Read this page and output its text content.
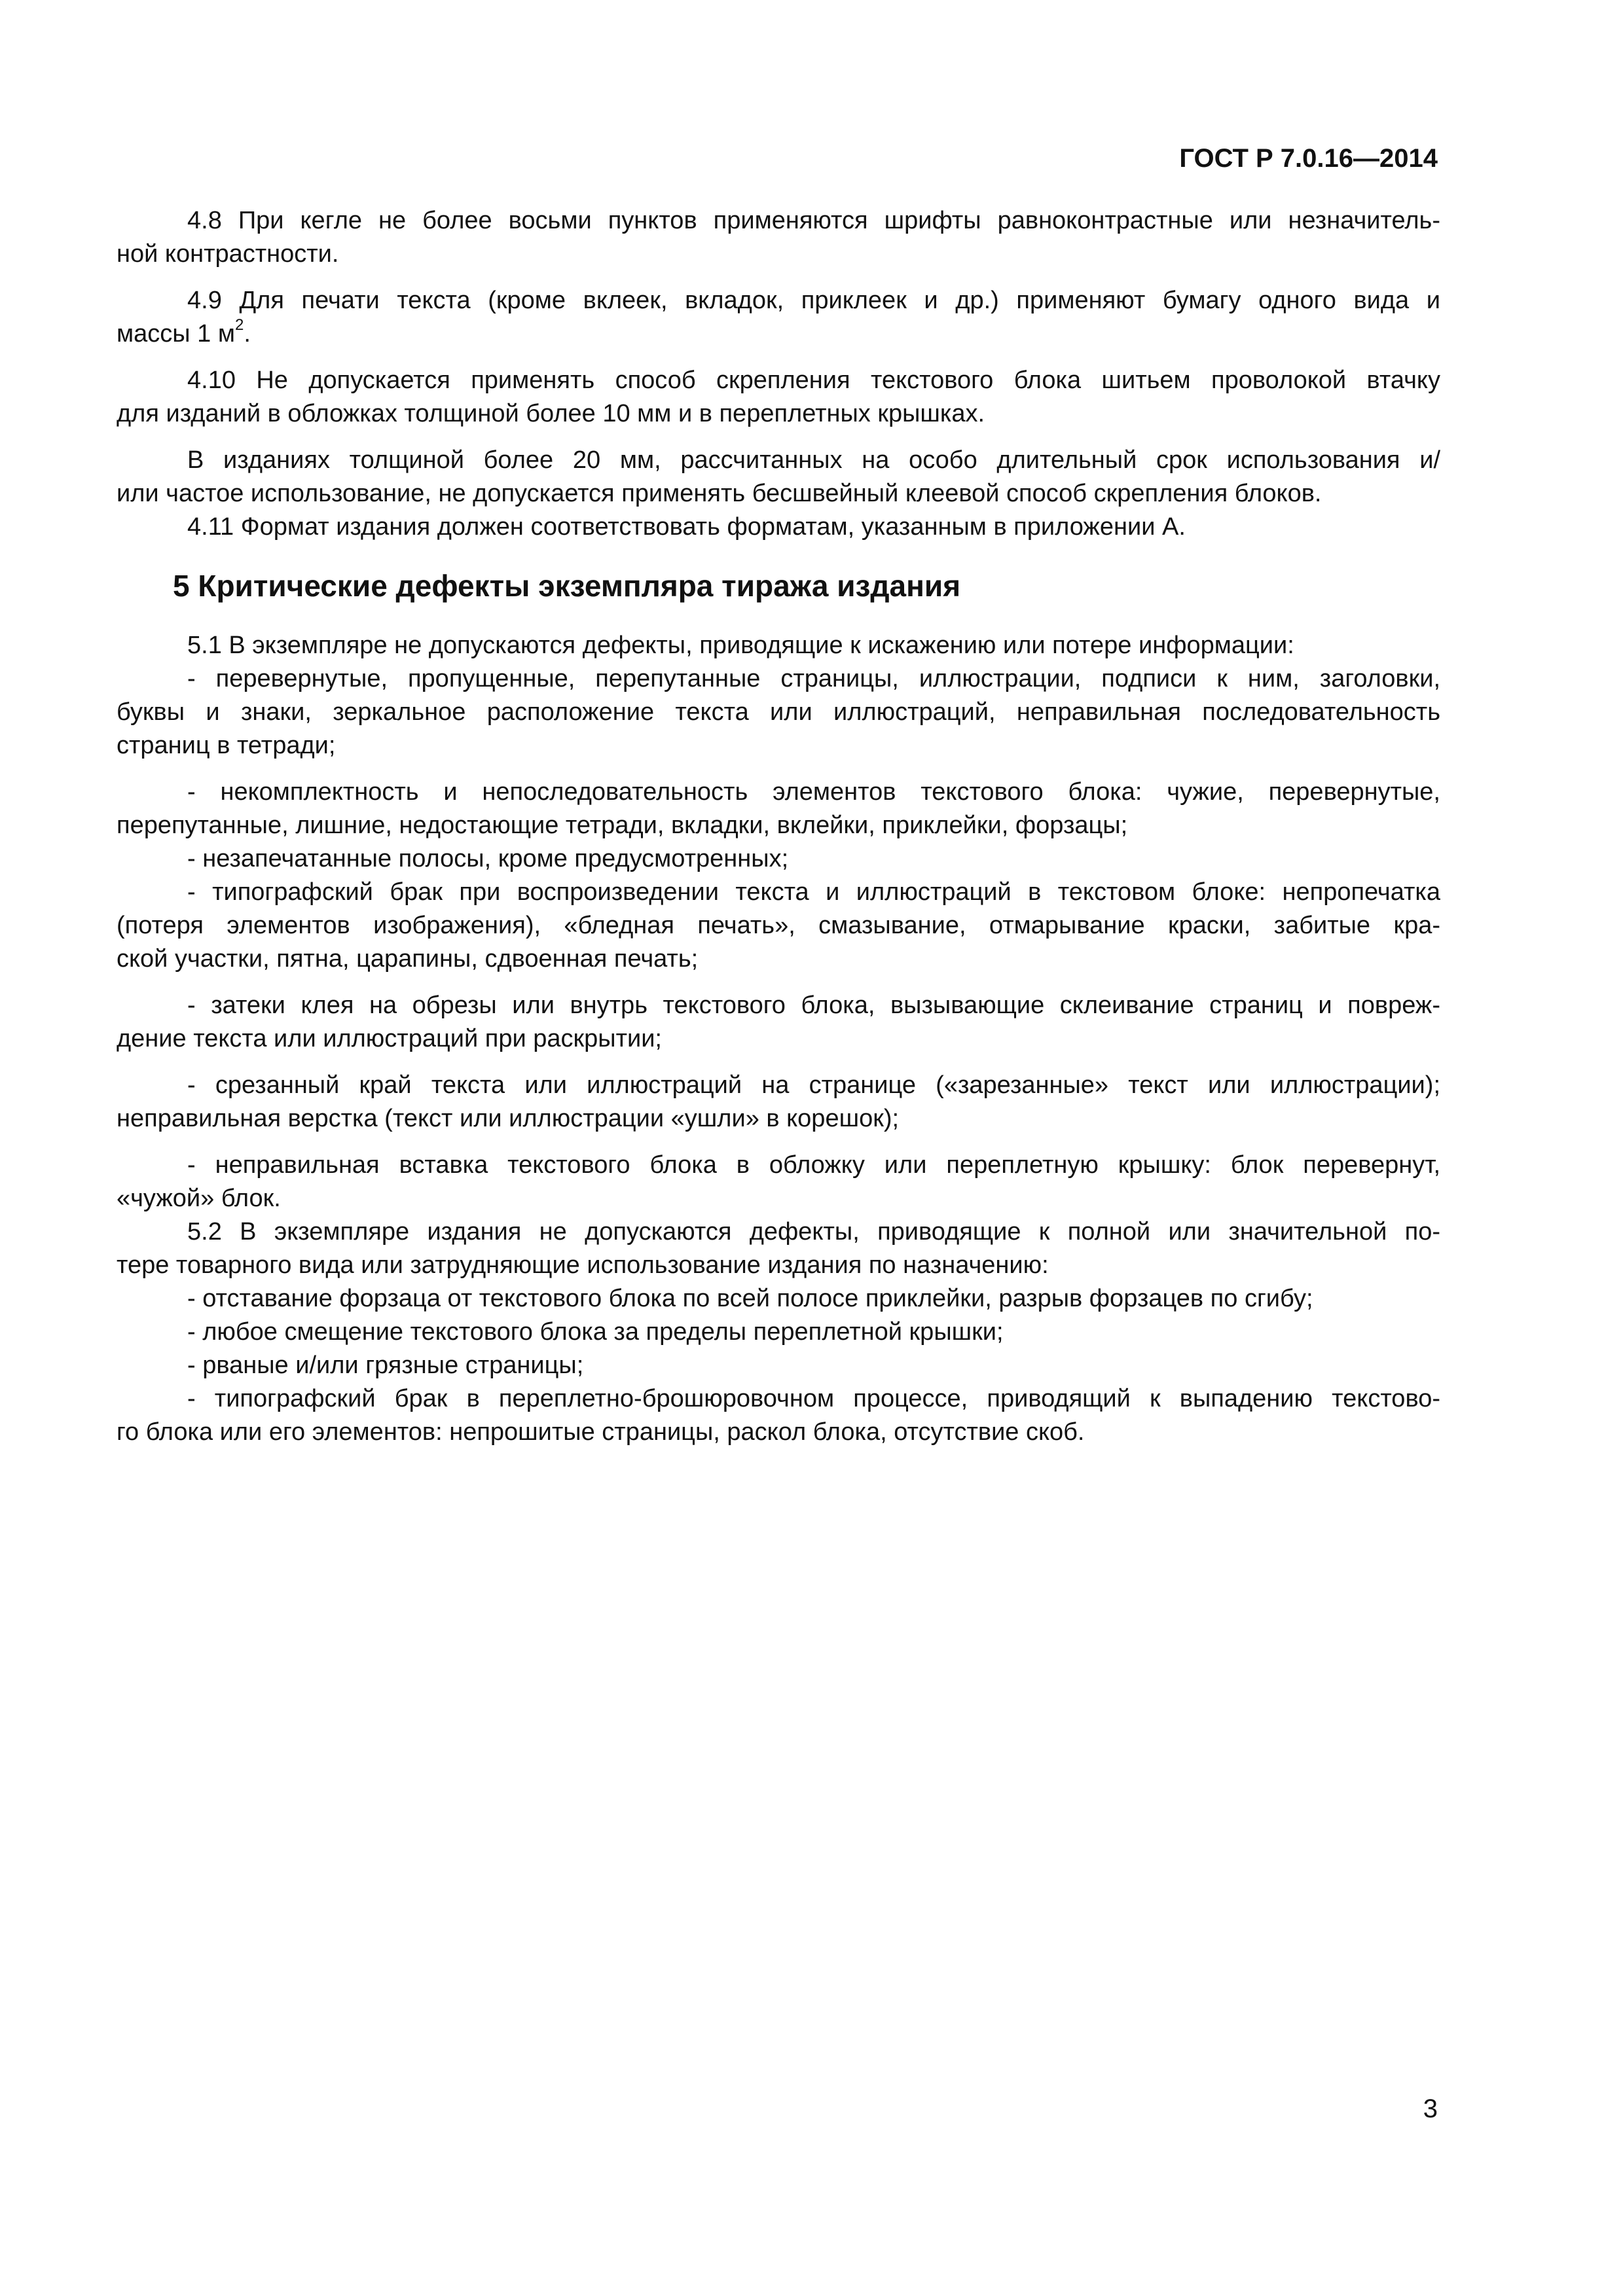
ГОСТ Р 7.0.16—2014
4.8 При кегле не более восьми пунктов применяются шрифты равноконтрастные или незначитель-
ной контрастности.
4.9 Для печати текста (кроме вклеек, вкладок, приклеек и др.) применяют бумагу одного вида и
массы 1 $м^2$.
4.10 Не допускается применять способ скрепления текстового блока шитьем проволокой втачку
для изданий в обложках толщиной более 10 мм и в переплетных крышках.
В изданиях толщиной более 20 мм, рассчитанных на особо длительный срок использования и/
или частое использование, не допускается применять бесшвейный клеевой способ скрепления блоков.
4.11 Формат издания должен соответствовать форматам, указанным в приложении А.
5 Критические дефекты экземпляра тиража издания
5.1 В экземпляре не допускаются дефекты, приводящие к искажению или потере информации:
- перевернутые, пропущенные, перепутанные страницы, иллюстрации, подписи к ним, заголовки,
буквы и знаки, зеркальное расположение текста или иллюстраций, неправильная последовательность
страниц в тетради;
- некомплектность и непоследовательность элементов текстового блока: чужие, перевернутые,
перепутанные, лишние, недостающие тетради, вкладки, вклейки, приклейки, форзацы;
- незапечатанные полосы, кроме предусмотренных;
- типографский брак при воспроизведении текста и иллюстраций в текстовом блоке: непропечатка
(потеря элементов изображения), «бледная печать», смазывание, отмарывание краски, забитые кра-
ской участки, пятна, царапины, сдвоенная печать;
- затеки клея на обрезы или внутрь текстового блока, вызывающие склеивание страниц и повреж-
дение текста или иллюстраций при раскрытии;
- срезанный край текста или иллюстраций на странице («зарезанные» текст или иллюстрации);
неправильная верстка (текст или иллюстрации «ушли» в корешок);
- неправильная вставка текстового блока в обложку или переплетную крышку: блок перевернут,
«чужой» блок.
5.2 В экземпляре издания не допускаются дефекты, приводящие к полной или значительной по-
тере товарного вида или затрудняющие использование издания по назначению:
- отставание форзаца от текстового блока по всей полосе приклейки, разрыв форзацев по сгибу;
- любое смещение текстового блока за пределы переплетной крышки;
- рваные и/или грязные страницы;
- типографский брак в переплетно-брошюровочном процессе, приводящий к выпадению текстово-
го блока или его элементов: непрошитые страницы, раскол блока, отсутствие скоб.
3
